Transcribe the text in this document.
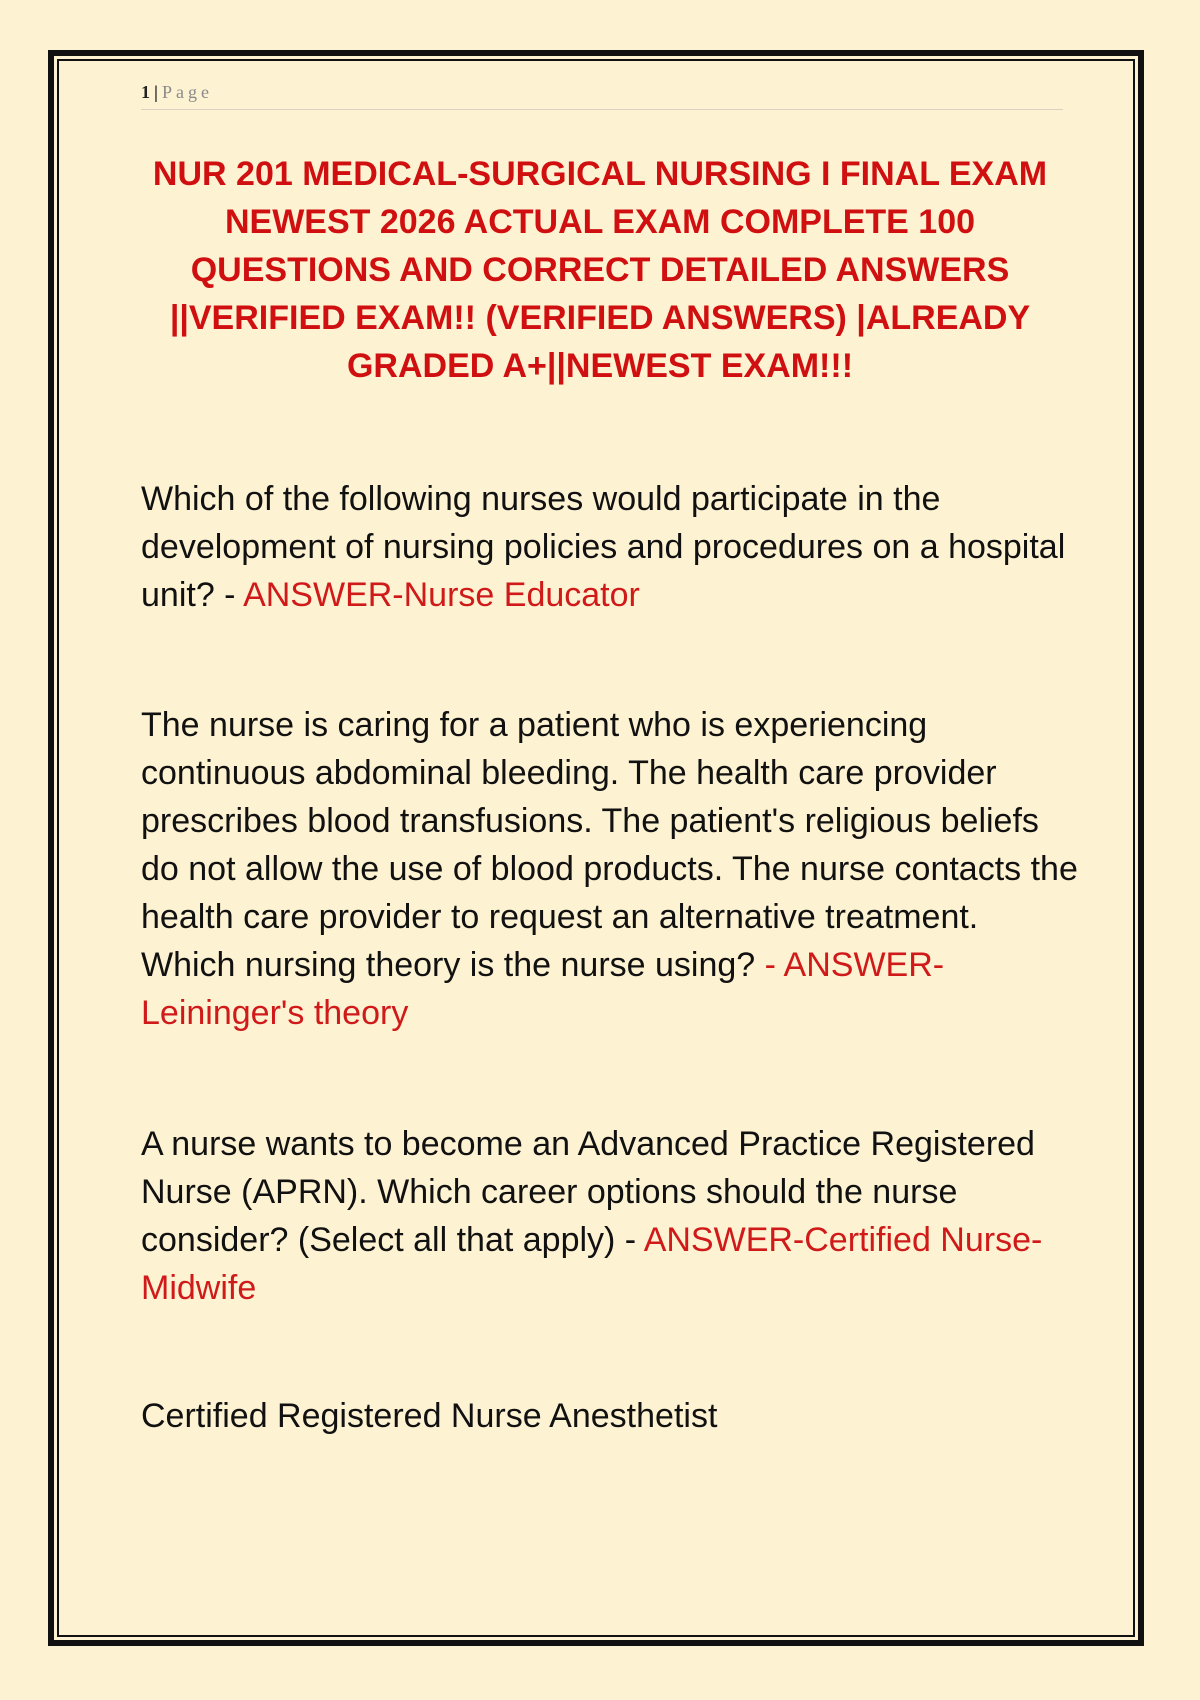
1 | Page
NUR 201 MEDICAL-SURGICAL NURSING I FINAL EXAM NEWEST 2026 ACTUAL EXAM COMPLETE 100 QUESTIONS AND CORRECT DETAILED ANSWERS ||VERIFIED EXAM!! (VERIFIED ANSWERS) |ALREADY GRADED A+||NEWEST EXAM!!!

Which of the following nurses would participate in the development of nursing policies and procedures on a hospital unit? - ANSWER-Nurse Educator

The nurse is caring for a patient who is experiencing continuous abdominal bleeding. The health care provider prescribes blood transfusions. The patient's religious beliefs do not allow the use of blood products. The nurse contacts the health care provider to request an alternative treatment. Which nursing theory is the nurse using? - ANSWER-Leininger's theory

A nurse wants to become an Advanced Practice Registered Nurse (APRN). Which career options should the nurse consider? (Select all that apply) - ANSWER-Certified Nurse-Midwife

Certified Registered Nurse Anesthetist
